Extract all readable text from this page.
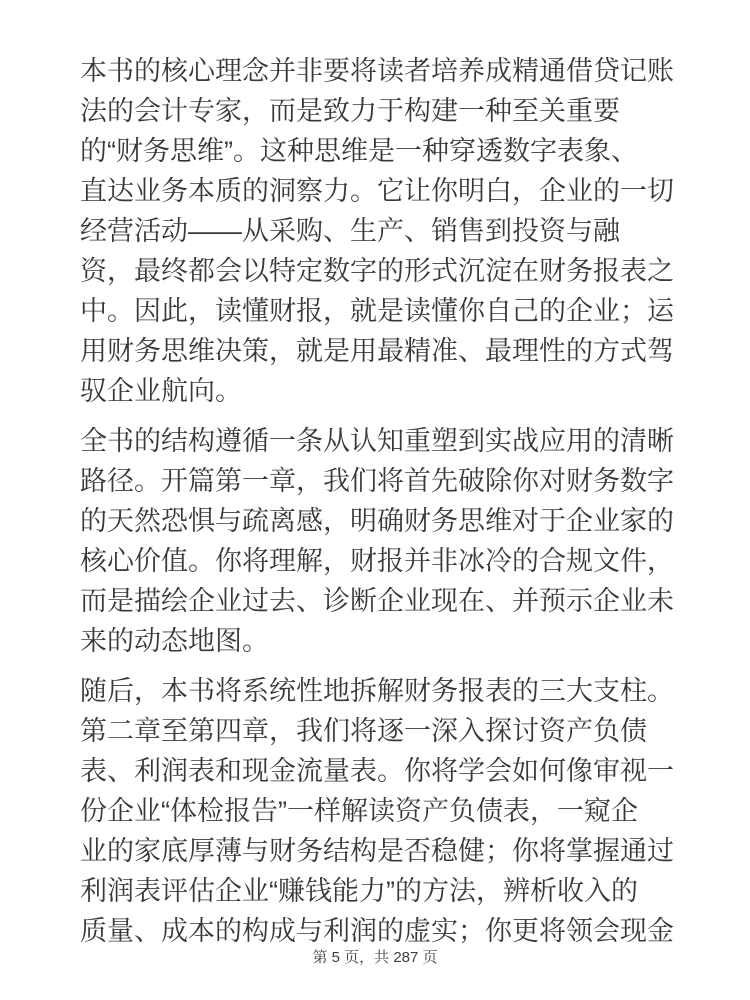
本书的核心理念并非要将读者培养成精通借贷记账
法的会计专家，而是致力于构建一种至关重要
的“财务思维”。这种思维是一种穿透数字表象、
直达业务本质的洞察力。它让你明白，企业的一切
经营活动——从采购、生产、销售到投资与融
资，最终都会以特定数字的形式沉淀在财务报表之
中。因此，读懂财报，就是读懂你自己的企业；运
用财务思维决策，就是用最精准、最理性的方式驾
驭企业航向。
全书的结构遵循一条从认知重塑到实战应用的清晰
路径。开篇第一章，我们将首先破除你对财务数字
的天然恐惧与疏离感，明确财务思维对于企业家的
核心价值。你将理解，财报并非冰冷的合规文件，
而是描绘企业过去、诊断企业现在、并预示企业未
来的动态地图。
随后，本书将系统性地拆解财务报表的三大支柱。
第二章至第四章，我们将逐一深入探讨资产负债
表、利润表和现金流量表。你将学会如何像审视一
份企业“体检报告”一样解读资产负债表，一窥企
业的家底厚薄与财务结构是否稳健；你将掌握通过
利润表评估企业“赚钱能力”的方法，辨析收入的
质量、成本的构成与利润的虚实；你更将领会现金
第 5 页，共 287 页
